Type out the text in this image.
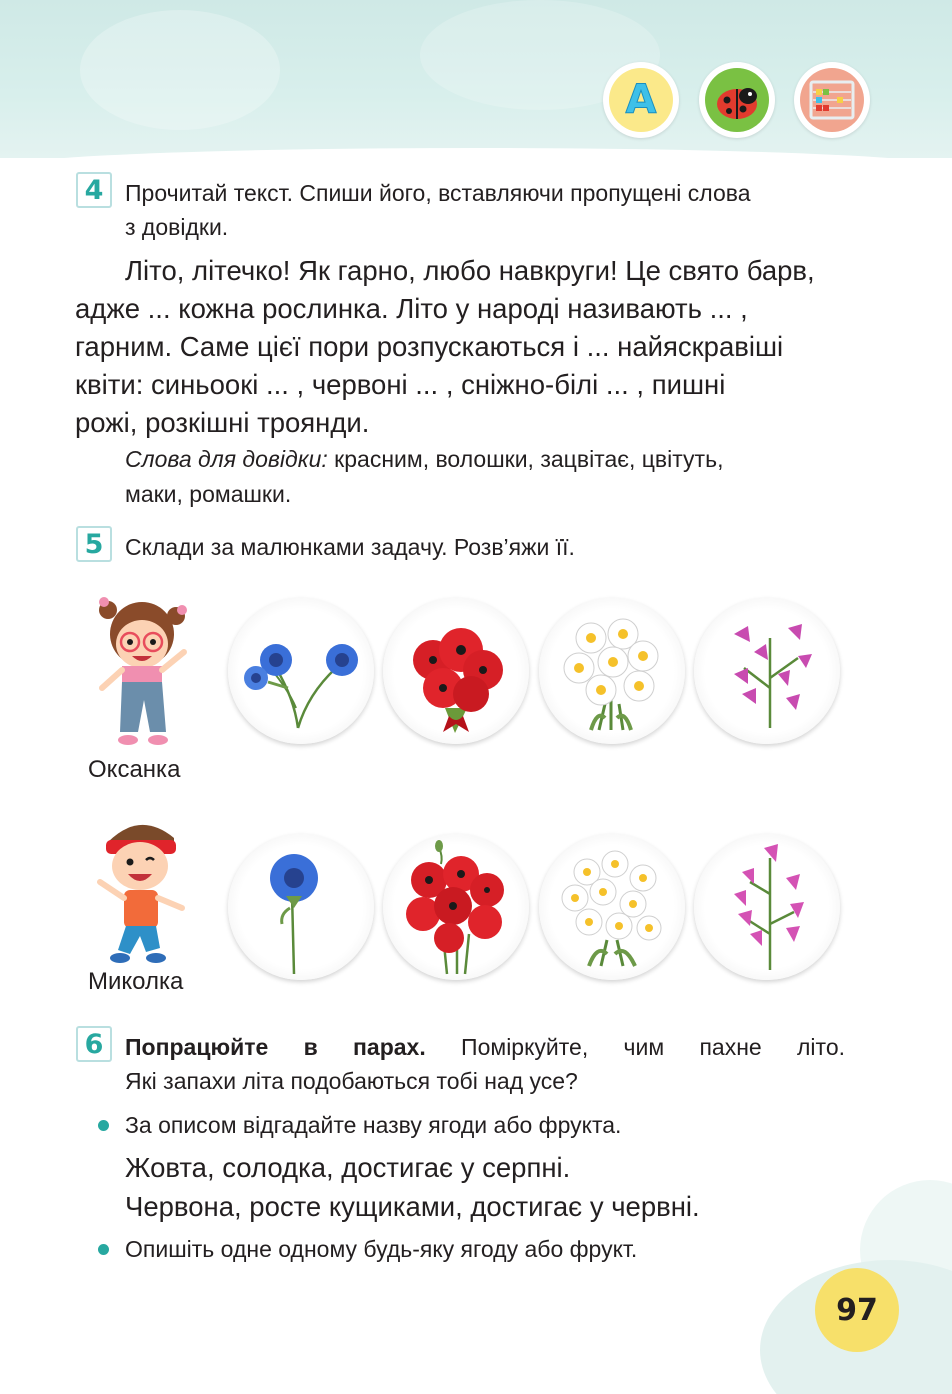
A
4 Прочитай текст. Спиши його, вставляючи пропущені слова
з довідки.
Літо, літечко! Як гарно, любо навкруги! Це свято барв,
адже ... кожна рослинка. Літо у народі називають ... ,
гарним. Саме цієї пори розпускаються і ... найяскравіші
квіти: синьоокі ... , червоні ... , сніжно-білі ... , пишні
рожі, розкішні троянди.
Слова для довідки: красним, волошки, зацвітає, цвітуть,
маки, ромашки.
5 Склади за малюнками задачу. Розв’яжи її.
Оксанка
Миколка
6 Попрацюйте в парах. Поміркуйте, чим пахне літо.
Які запахи літа подобаються тобі над усе?
За описом відгадайте назву ягоди або фрукта.
Жовта, солодка, достигає у серпні.
Червона, росте кущиками, достигає у червні.
Опишіть одне одному будь-яку ягоду або фрукт.
97
